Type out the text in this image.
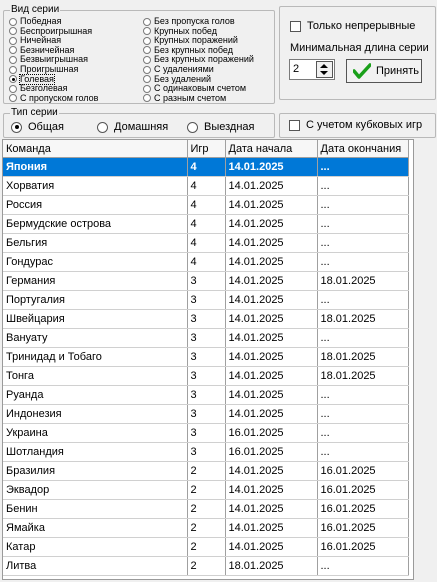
Вид серии
Победная
Беспроигрышная
Ничейная
Безничейная
Безвыигрышная
Проигрышная
Голевая
Безголевая
С пропуском голов
Без пропуска голов
Крупных побед
Крупных поражений
Без крупных побед
Без крупных поражений
С удалениями
Без удалений
С одинаковым счетом
С разным счетом
Только непрерывные
Минимальная длина серии
2	Принять
Тип серии
Общая	Домашняя	Выездная	С учетом кубковых игр
Команда	Игр	Дата начала	Дата окончания
Япония	4	14.01.2025	...
Хорватия	4	14.01.2025	...
Россия	4	14.01.2025	...
Бермудские острова	4	14.01.2025	...
Бельгия	4	14.01.2025	...
Гондурас	4	14.01.2025	...
Германия	3	14.01.2025	18.01.2025
Португалия	3	14.01.2025	...
Швейцария	3	14.01.2025	18.01.2025
Вануату	3	14.01.2025	...
Тринидад и Тобаго	3	14.01.2025	18.01.2025
Тонга	3	14.01.2025	18.01.2025
Руанда	3	14.01.2025	...
Индонезия	3	14.01.2025	...
Украина	3	16.01.2025	...
Шотландия	3	16.01.2025	...
Бразилия	2	14.01.2025	16.01.2025
Эквадор	2	14.01.2025	16.01.2025
Бенин	2	14.01.2025	16.01.2025
Ямайка	2	14.01.2025	16.01.2025
Катар	2	14.01.2025	16.01.2025
Литва	2	18.01.2025	...
